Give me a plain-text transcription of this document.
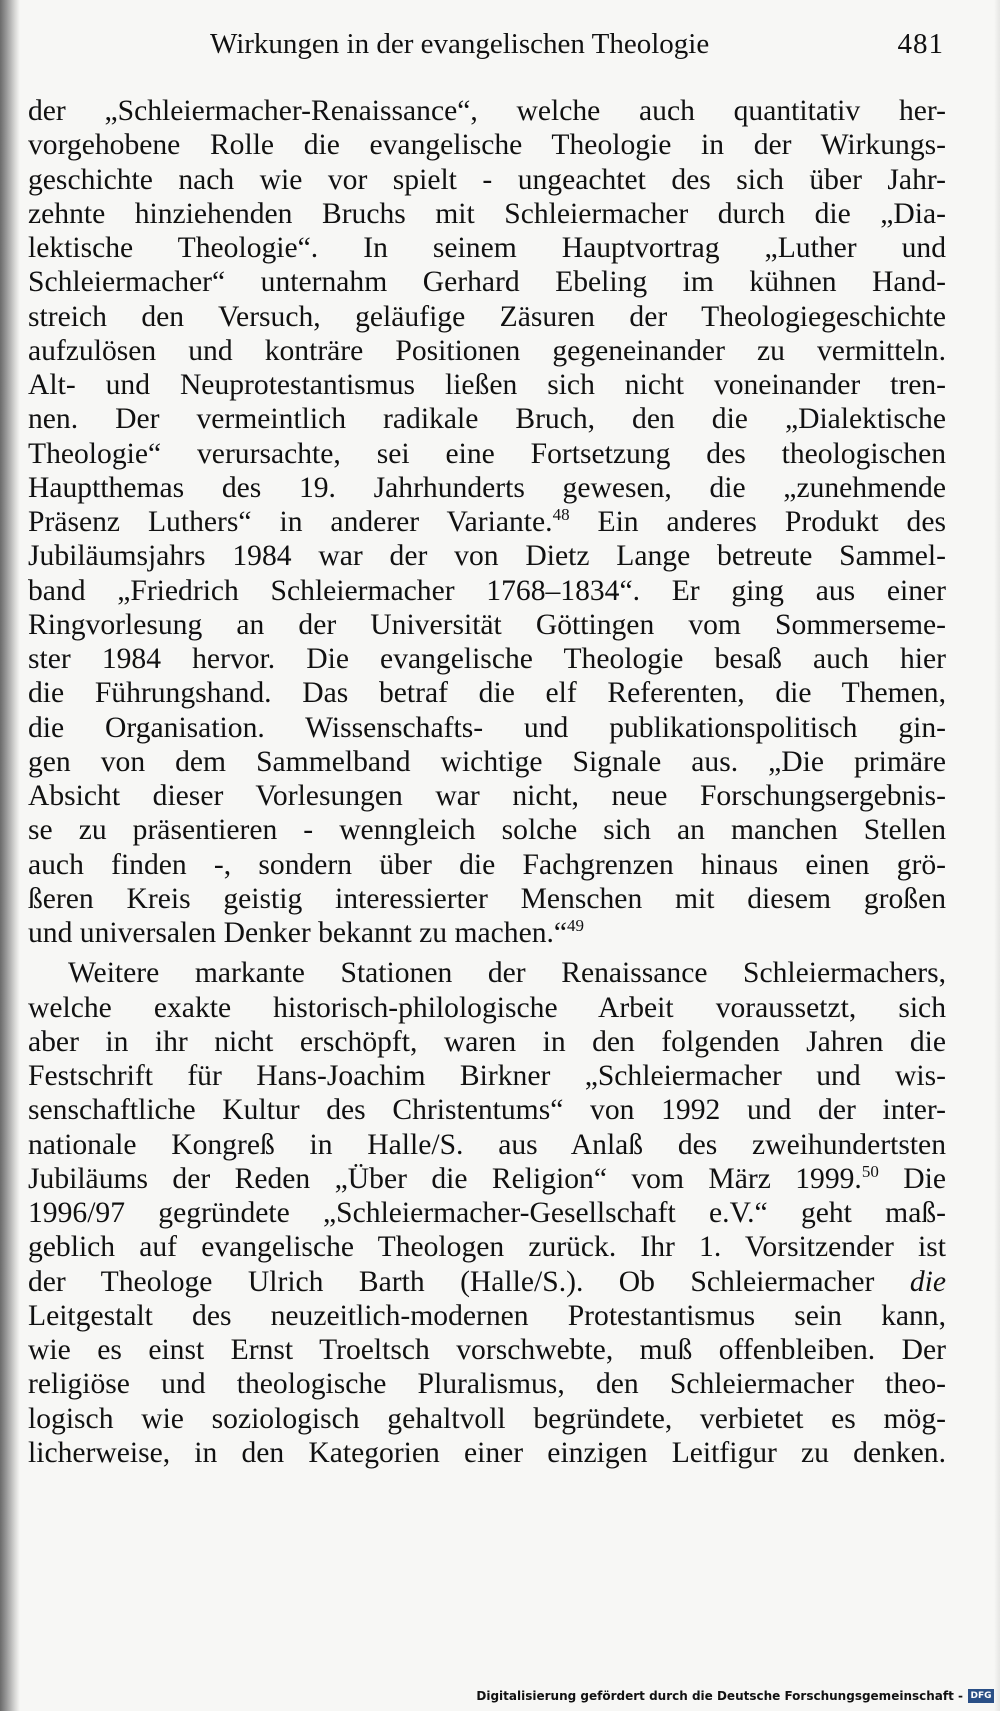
Wirkungen in der evangelischen Theologie	481
der „Schleiermacher-Renaissance“, welche auch quantitativ her-
vorgehobene Rolle die evangelische Theologie in der Wirkungs-
geschichte nach wie vor spielt - ungeachtet des sich über Jahr-
zehnte hinziehenden Bruchs mit Schleiermacher durch die „Dia-
lektische Theologie“. In seinem Hauptvortrag „Luther und
Schleiermacher“ unternahm Gerhard Ebeling im kühnen Hand-
streich den Versuch, geläufige Zäsuren der Theologiegeschichte
aufzulösen und konträre Positionen gegeneinander zu vermitteln.
Alt- und Neuprotestantismus ließen sich nicht voneinander tren-
nen. Der vermeintlich radikale Bruch, den die „Dialektische
Theologie“ verursachte, sei eine Fortsetzung des theologischen
Hauptthemas des 19. Jahrhunderts gewesen, die „zunehmende
Präsenz Luthers“ in anderer Variante.$^{48}$ Ein anderes Produkt des
Jubiläumsjahrs 1984 war der von Dietz Lange betreute Sammel-
band „Friedrich Schleiermacher 1768–1834“. Er ging aus einer
Ringvorlesung an der Universität Göttingen vom Sommerseme-
ster 1984 hervor. Die evangelische Theologie besaß auch hier
die Führungshand. Das betraf die elf Referenten, die Themen,
die Organisation. Wissenschafts- und publikationspolitisch gin-
gen von dem Sammelband wichtige Signale aus. „Die primäre
Absicht dieser Vorlesungen war nicht, neue Forschungsergebnis-
se zu präsentieren - wenngleich solche sich an manchen Stellen
auch finden -, sondern über die Fachgrenzen hinaus einen grö-
ßeren Kreis geistig interessierter Menschen mit diesem großen
und universalen Denker bekannt zu machen.“$^{49}$
Weitere markante Stationen der Renaissance Schleiermachers,
welche exakte historisch-philologische Arbeit voraussetzt, sich
aber in ihr nicht erschöpft, waren in den folgenden Jahren die
Festschrift für Hans-Joachim Birkner „Schleiermacher und wis-
senschaftliche Kultur des Christentums“ von 1992 und der inter-
nationale Kongreß in Halle/S. aus Anlaß des zweihundertsten
Jubiläums der Reden „Über die Religion“ vom März 1999.50 Die
1996/97 gegründete „Schleiermacher-Gesellschaft e.V.“ geht maß-
geblich auf evangelische Theologen zurück. Ihr 1. Vorsitzender ist
der Theologe Ulrich Barth (Halle/S.). Ob Schleiermacher die
Leitgestalt des neuzeitlich-modernen Protestantismus sein kann,
wie es einst Ernst Troeltsch vorschwebte, muß offenbleiben. Der
religiöse und theologische Pluralismus, den Schleiermacher theo-
logisch wie soziologisch gehaltvoll begründete, verbietet es mög-
licherweise, in den Kategorien einer einzigen Leitfigur zu denken.
Digitalisierung gefördert durch die Deutsche Forschungsgemeinschaft - DFG
